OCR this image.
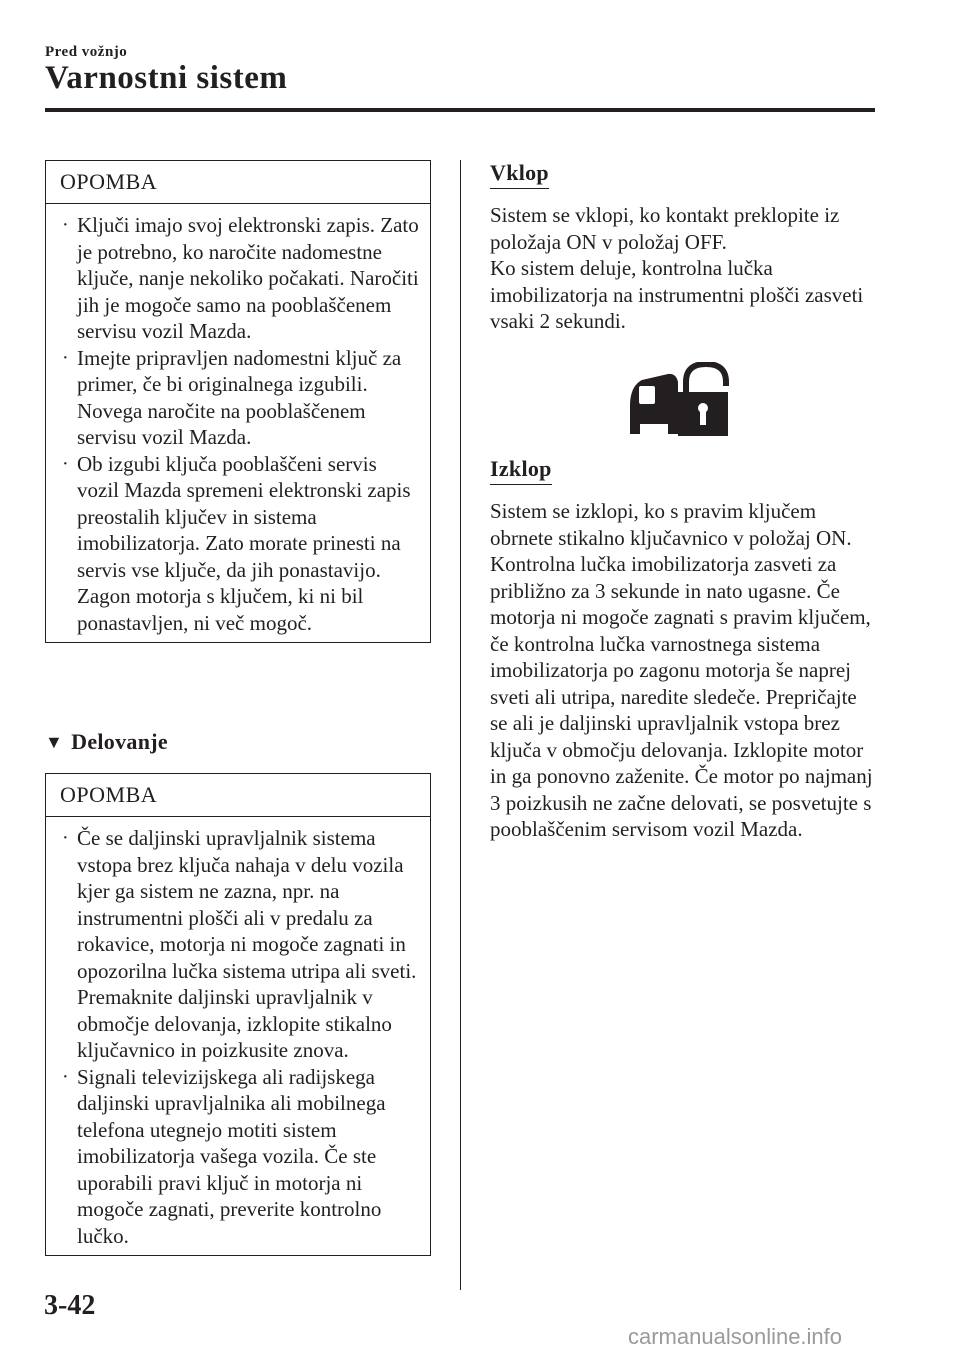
Pred vožnjo
Varnostni sistem
OPOMBA
· Ključi imajo svoj elektronski zapis. Zato je potrebno, ko naročite nadomestne ključe, nanje nekoliko počakati. Naročiti jih je mogoče samo na pooblaščenem servisu vozil Mazda.

· Imejte pripravljen nadomestni ključ za primer, če bi originalnega izgubili. Novega naročite na pooblaščenem servisu vozil Mazda.

· Ob izgubi ključa pooblaščeni servis vozil Mazda spremeni elektronski zapis preostalih ključev in sistema imobilizatorja. Zato morate prinesti na servis vse ključe, da jih ponastavijo.

Zagon motorja s ključem, ki ni bil ponastavljen, ni več mogoč.

▼ Delovanje
OPOMBA
· Če se daljinski upravljalnik sistema vstopa brez ključa nahaja v delu vozila kjer ga sistem ne zazna, npr. na instrumentni plošči ali v predalu za rokavice, motorja ni mogoče zagnati in opozorilna lučka sistema utripa ali sveti. Premaknite daljinski upravljalnik v območje delovanja, izklopite stikalno ključavnico in poizkusite znova.

· Signali televizijskega ali radijskega daljinski upravljalnika ali mobilnega telefona utegnejo motiti sistem imobilizatorja vašega vozila. Če ste uporabili pravi ključ in motorja ni mogoče zagnati, preverite kontrolno lučko.

Vklop

Sistem se vklopi, ko kontakt preklopite iz položaja ON v položaj OFF.

Ko sistem deluje, kontrolna lučka imobilizatorja na instrumentni plošči zasveti vsaki 2 sekundi.

Izklop

Sistem se izklopi, ko s pravim ključem obrnete stikalno ključavnico v položaj ON. Kontrolna lučka imobilizatorja zasveti za približno za 3 sekunde in nato ugasne. Če motorja ni mogoče zagnati s pravim ključem, če kontrolna lučka varnostnega sistema imobilizatorja po zagonu motorja še naprej sveti ali utripa, naredite sledeče. Prepričajte se ali je daljinski upravljalnik vstopa brez ključa v območju delovanja. Izklopite motor in ga ponovno zaženite. Če motor po najmanj 3 poizkusih ne začne delovati, se posvetujte s pooblaščenim servisom vozil Mazda.

3-42
carmanualsonline.info
